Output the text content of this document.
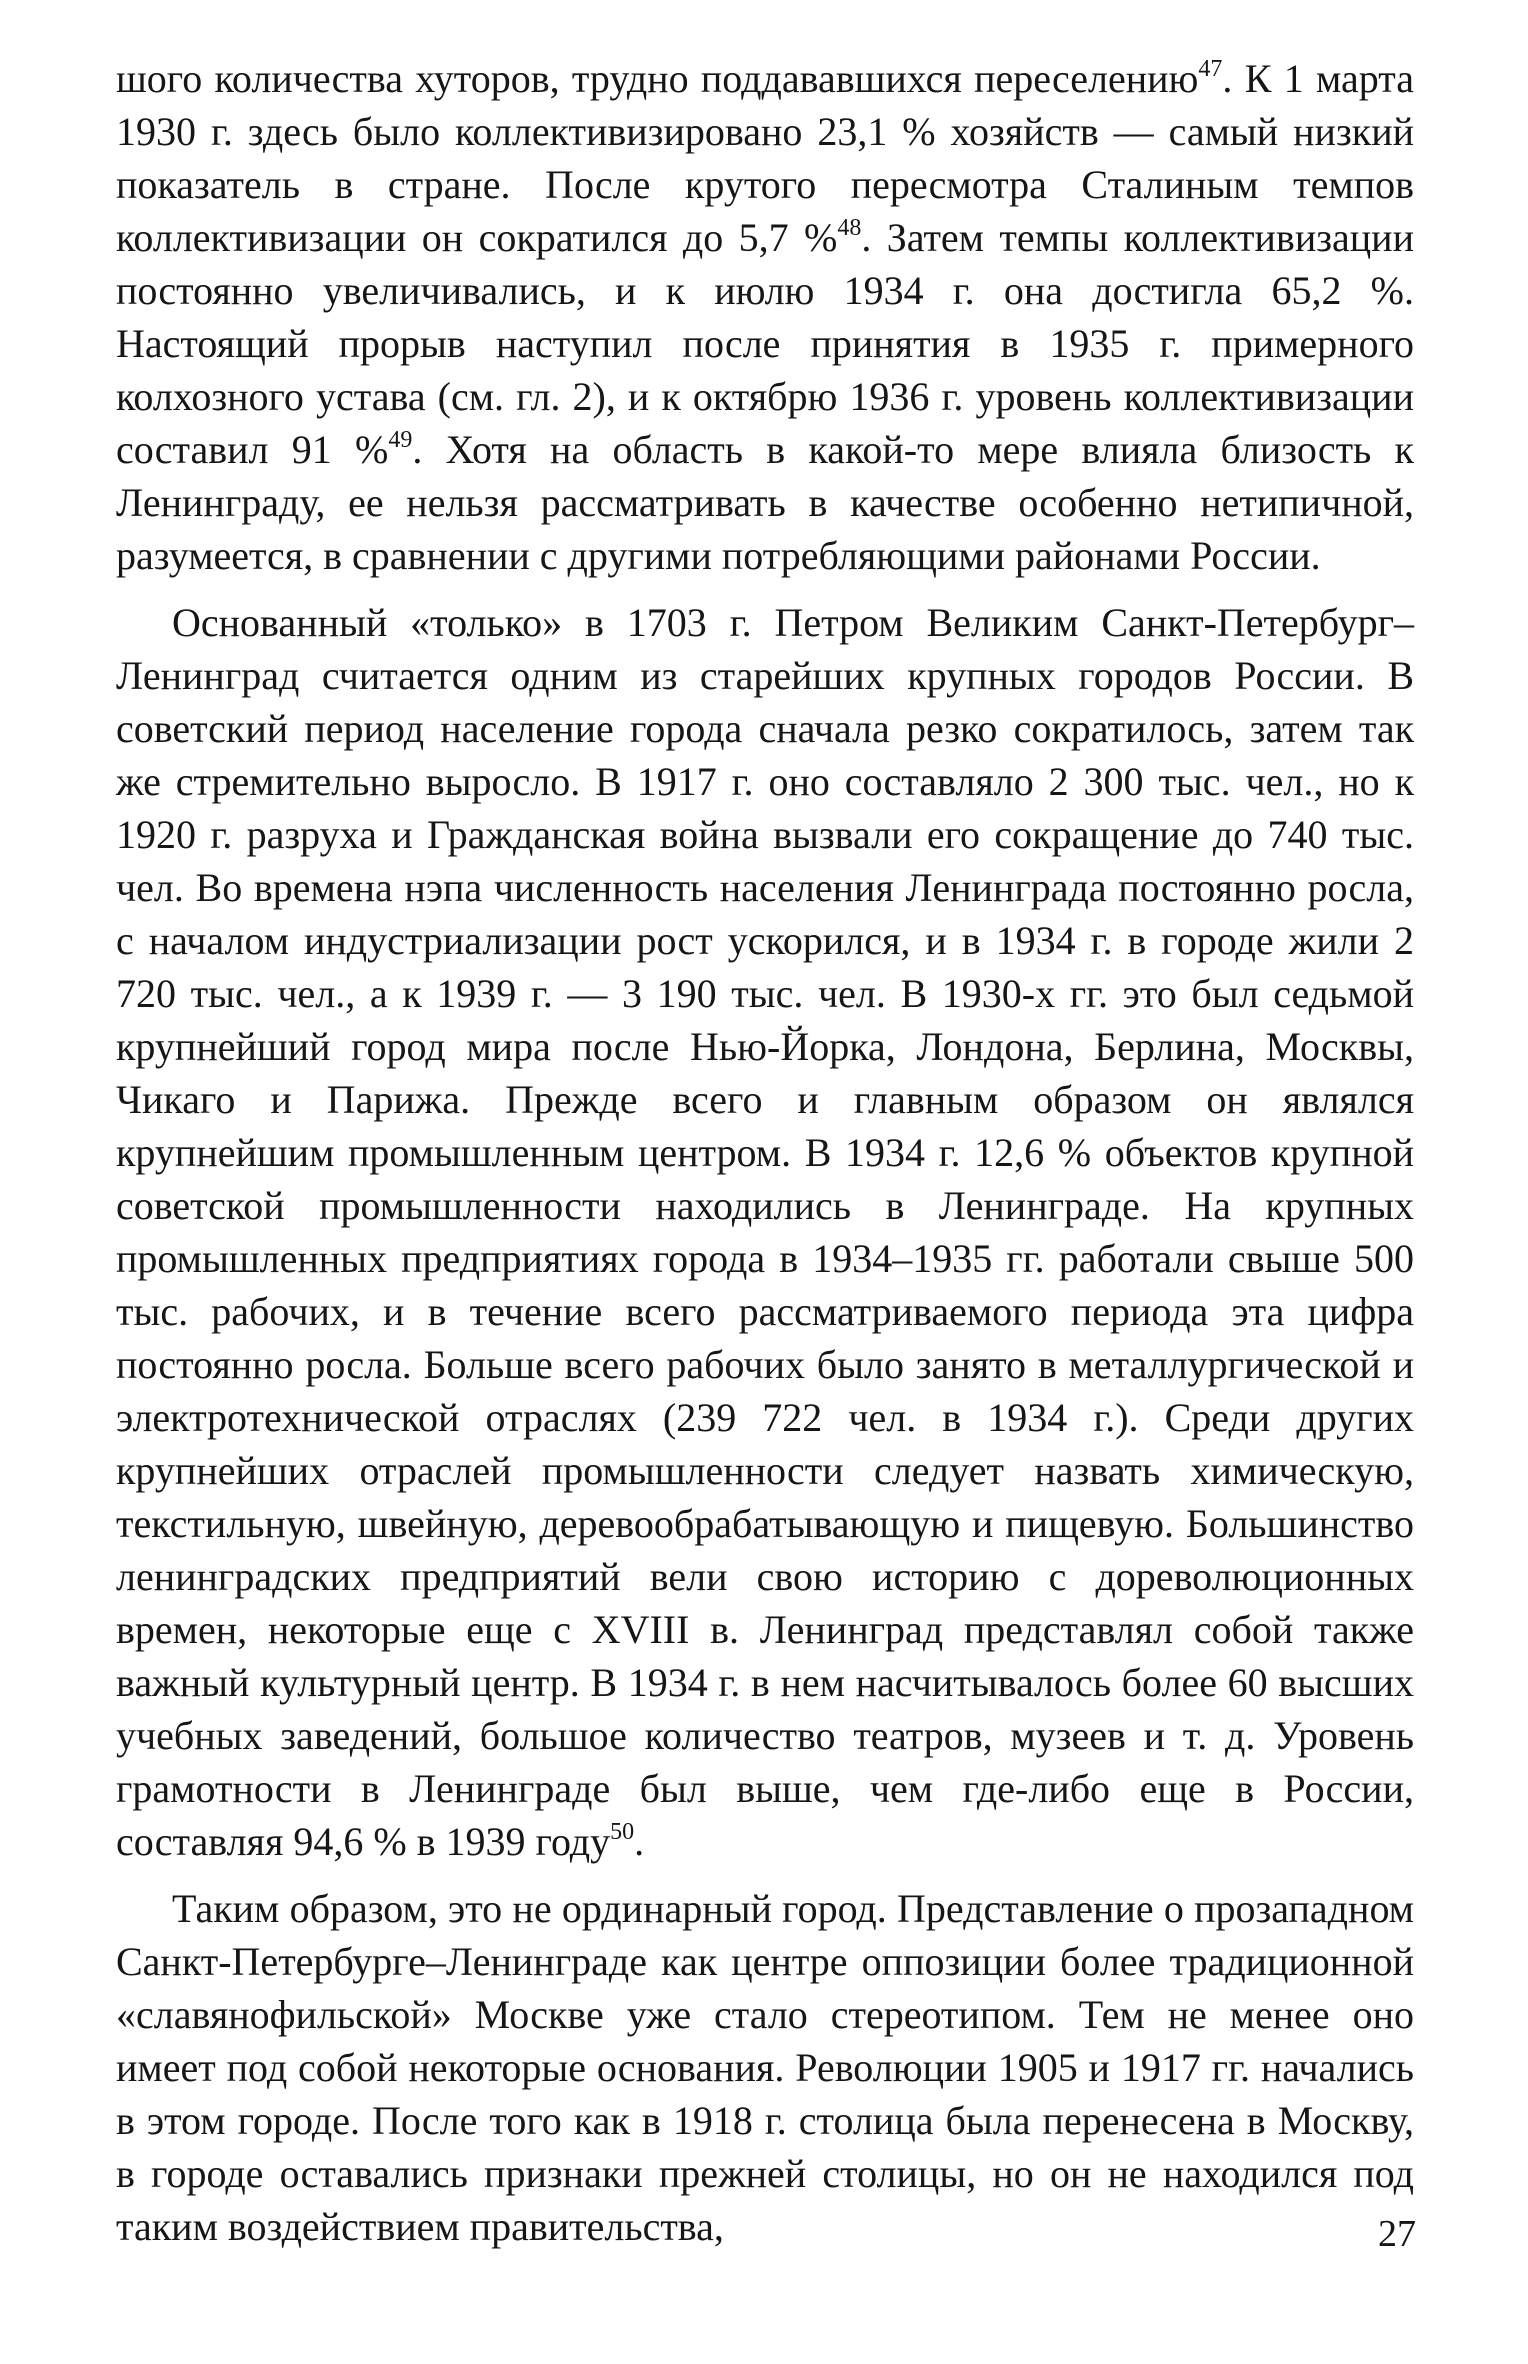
шого количества хуторов, трудно поддававшихся переселению$^{47}$. К 1 марта 1930 г. здесь было коллективизировано 23,1 % хозяйств — самый низкий показатель в стране. После крутого пересмотра Сталиным темпов коллективизации он сократился до 5,7 %$^{48}$. Затем темпы коллективизации постоянно увеличивались, и к июлю 1934 г. она достигла 65,2 %. Настоящий прорыв наступил после принятия в 1935 г. примерного колхозного устава (см. гл. 2), и к октябрю 1936 г. уровень коллективизации составил 91 %$^{49}$. Хотя на область в какой-то мере влияла близость к Ленинграду, ее нельзя рассматривать в качестве особенно нетипичной, разумеется, в сравнении с другими потребляющими районами России.

Основанный «только» в 1703 г. Петром Великим Санкт-Петербург–Ленинград считается одним из старейших крупных городов России. В советский период население города сначала резко сократилось, затем так же стремительно выросло. В 1917 г. оно составляло 2 300 тыс. чел., но к 1920 г. разруха и Гражданская война вызвали его сокращение до 740 тыс. чел. Во времена нэпа численность населения Ленинграда постоянно росла, с началом индустриализации рост ускорился, и в 1934 г. в городе жили 2 720 тыс. чел., а к 1939 г. — 3 190 тыс. чел. В 1930-х гг. это был седьмой крупнейший город мира после Нью-Йорка, Лондона, Берлина, Москвы, Чикаго и Парижа. Прежде всего и главным образом он являлся крупнейшим промышленным центром. В 1934 г. 12,6 % объектов крупной советской промышленности находились в Ленинграде. На крупных промышленных предприятиях города в 1934–1935 гг. работали свыше 500 тыс. рабочих, и в течение всего рассматриваемого периода эта цифра постоянно росла. Больше всего рабочих было занято в металлургической и электротехнической отраслях (239 722 чел. в 1934 г.). Среди других крупнейших отраслей промышленности следует назвать химическую, текстильную, швейную, деревообрабатывающую и пищевую. Большинство ленинградских предприятий вели свою историю с дореволюционных времен, некоторые еще с XVIII в. Ленинград представлял собой также важный культурный центр. В 1934 г. в нем насчитывалось более 60 высших учебных заведений, большое количество театров, музеев и т. д. Уровень грамотности в Ленинграде был выше, чем где-либо еще в России, составляя 94,6 % в 1939 году$^{50}$.

Таким образом, это не ординарный город. Представление о прозападном Санкт-Петербурге–Ленинграде как центре оппозиции более традиционной «славянофильской» Москве уже стало стереотипом. Тем не менее оно имеет под собой некоторые основания. Революции 1905 и 1917 гг. начались в этом городе. После того как в 1918 г. столица была перенесена в Москву, в городе оставались признаки прежней столицы, но он не находился под таким воздействием правительства,	27
